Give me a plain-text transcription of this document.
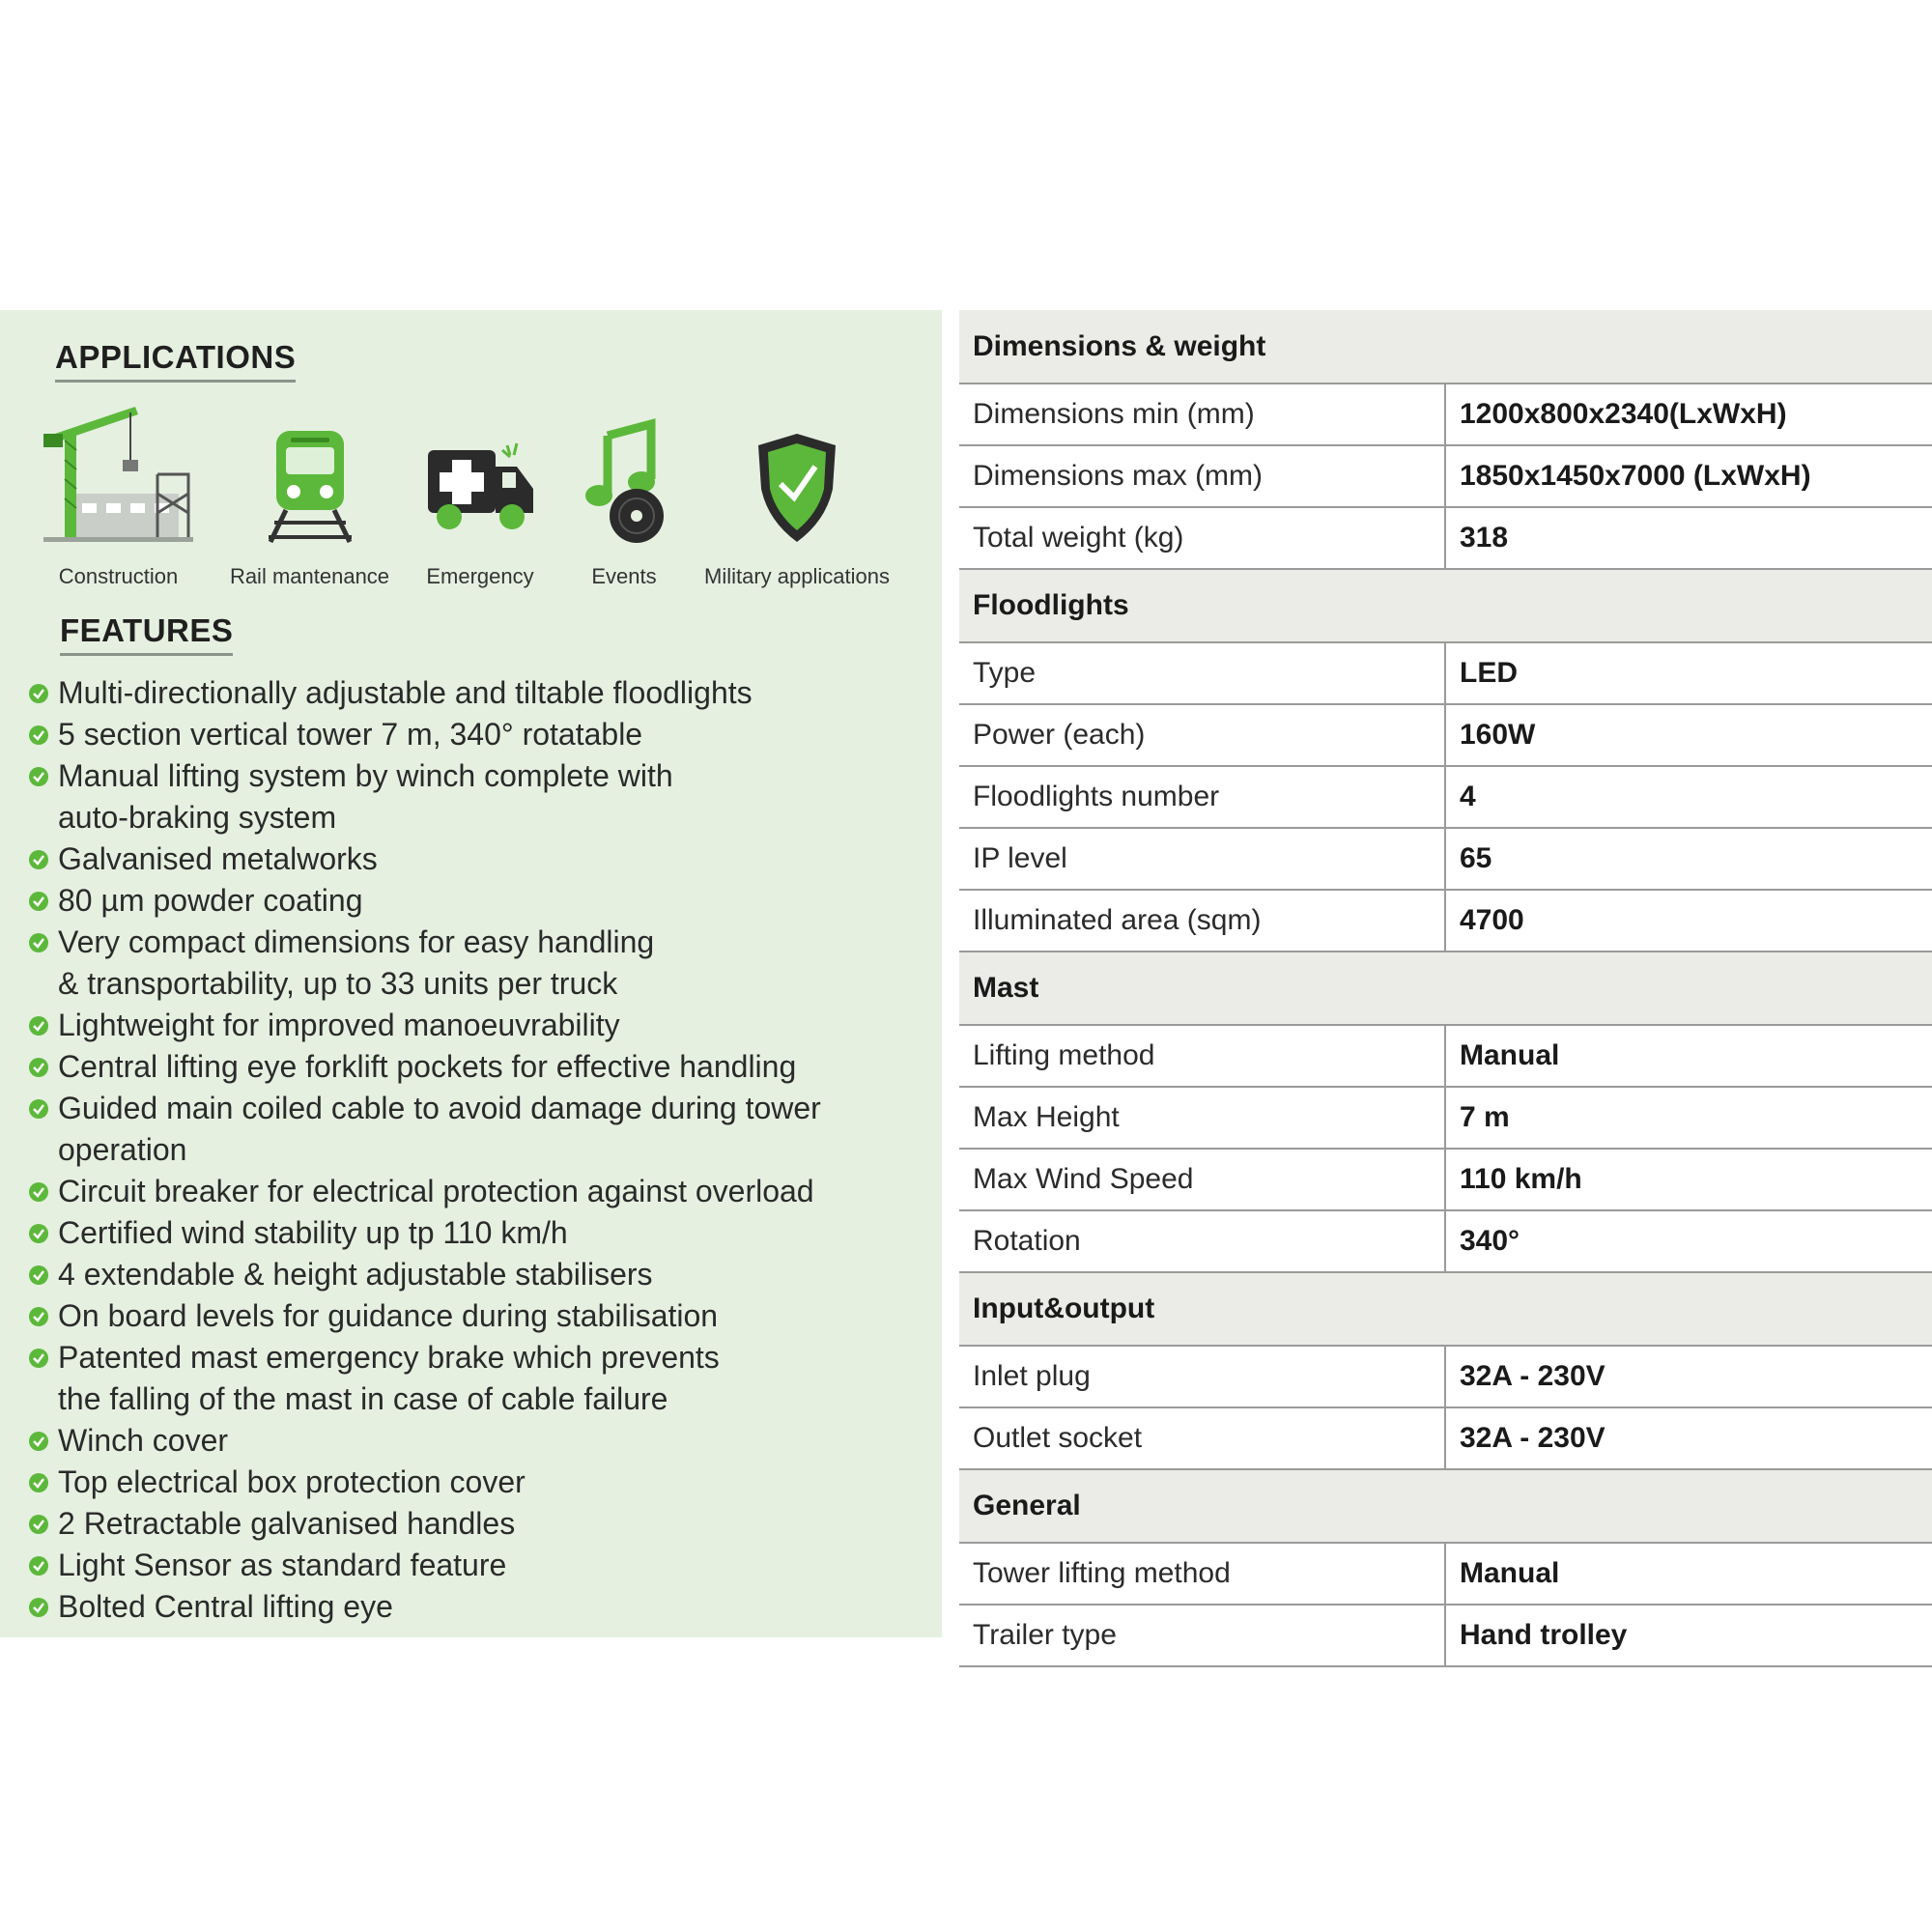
APPLICATIONS
Construction	Rail mantenance	Emergency	Events	Military applications
FEATURES
Multi-directionally adjustable and tiltable floodlights
5 section vertical tower 7 m, 340° rotatable
Manual lifting system by winch complete with
auto-braking system
Galvanised metalworks
80 µm powder coating
Very compact dimensions for easy handling
& transportability, up to 33 units per truck
Lightweight for improved manoeuvrability
Central lifting eye forklift pockets for effective handling
Guided main coiled cable to avoid damage during tower
operation
Circuit breaker for electrical protection against overload
Certified wind stability up tp 110 km/h
4 extendable & height adjustable stabilisers
On board levels for guidance during stabilisation
Patented mast emergency brake which prevents
the falling of the mast in case of cable failure
Winch cover
Top electrical box protection cover
2 Retractable galvanised handles
Light Sensor as standard feature
Bolted Central lifting eye
Dimensions & weight	
Dimensions min (mm)	1200x800x2340(LxWxH)
Dimensions max (mm)	1850x1450x7000 (LxWxH)
Total weight (kg)	318
Floodlights	
Type	LED
Power (each)	160W
Floodlights number	4
IP level	65
Illuminated area (sqm)	4700
Mast	
Lifting method	Manual
Max Height	7 m
Max Wind Speed	110 km/h
Rotation	340°
Input&output	
Inlet plug	32A - 230V
Outlet socket	32A - 230V
General	
Tower lifting method	Manual
Trailer type	Hand trolley
